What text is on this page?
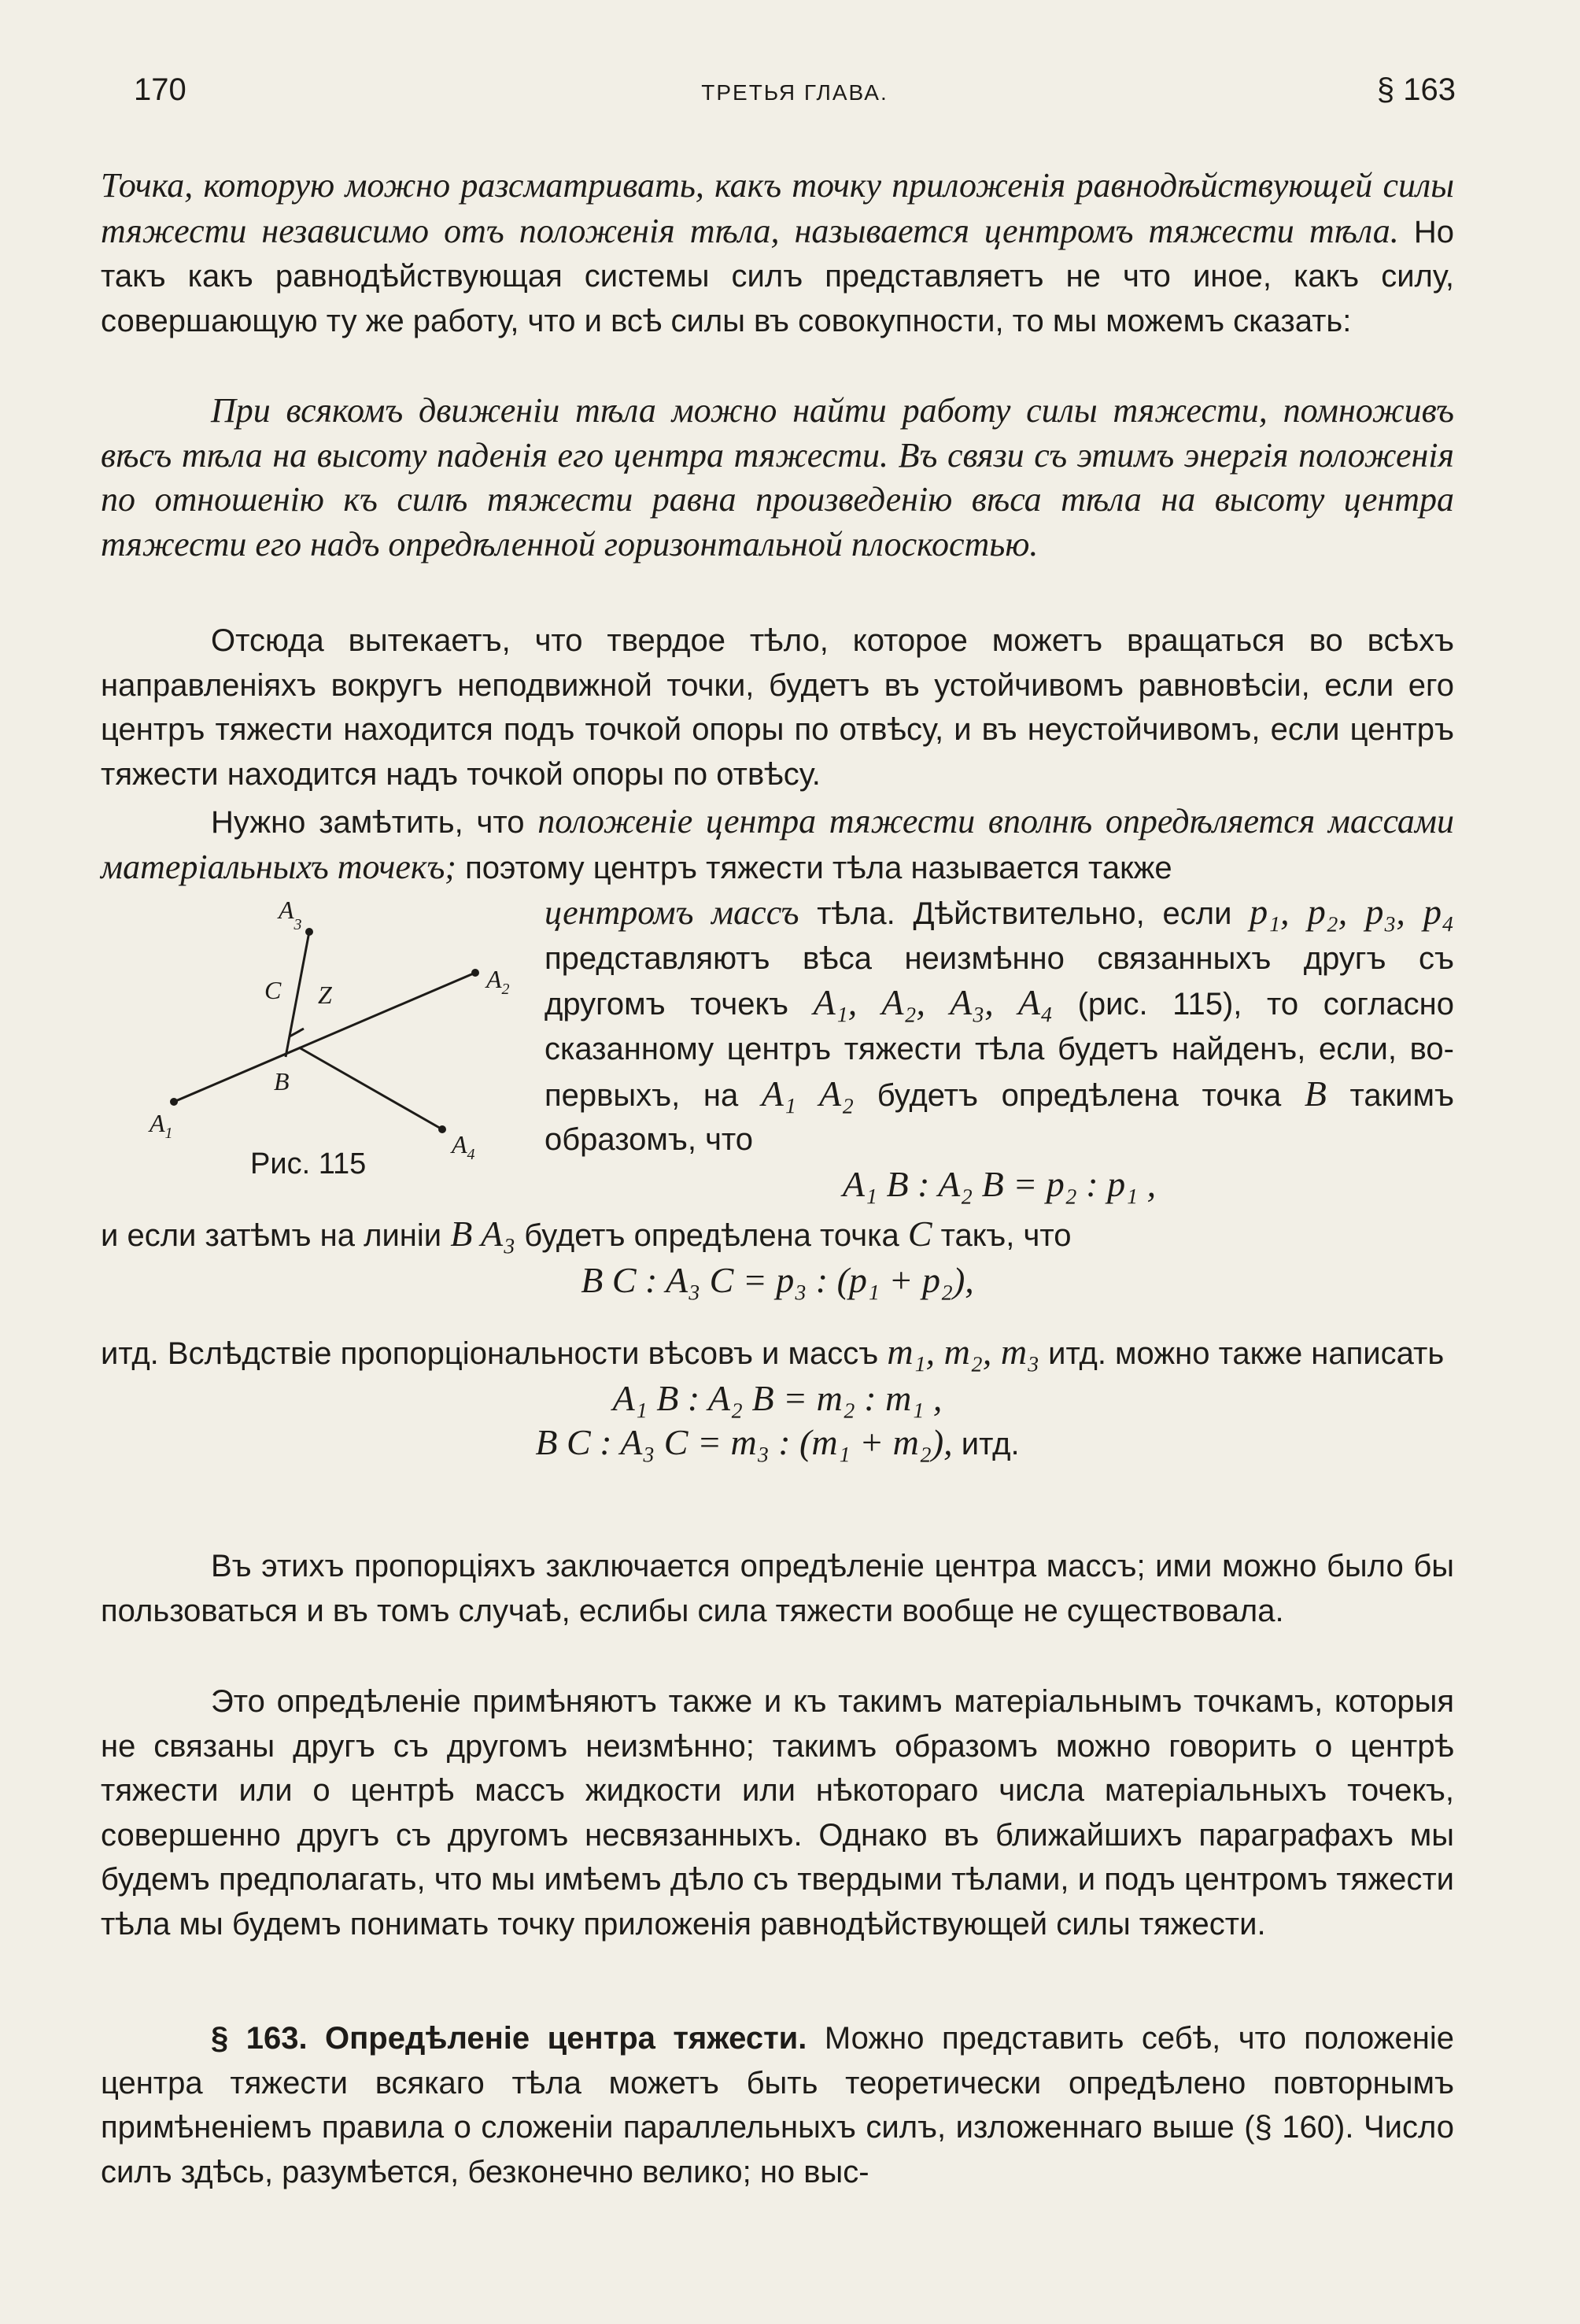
170	ТРЕТЬЯ ГЛАВА.	§ 163

Точка, которую можно разсматривать, какъ точку приложенія равнодѣйствующей силы тяжести независимо отъ положенія тѣла, называется центромъ тяжести тѣла. Но такъ какъ равнодѣйствующая системы силъ представляетъ не что иное, какъ силу, совершающую ту же работу, что и всѣ силы въ совокупности, то мы можемъ сказать:

При всякомъ движеніи тѣла можно найти работу силы тяжести, помноживъ вѣсъ тѣла на высоту паденія его центра тяжести. Въ связи съ этимъ энергія положенія по отношенію къ силѣ тяжести равна произведенію вѣса тѣла на высоту центра тяжести его надъ опредѣленной горизонтальной плоскостью.

Отсюда вытекаетъ, что твердое тѣло, которое можетъ вращаться во всѣхъ направленіяхъ вокругъ неподвижной точки, будетъ въ устойчивомъ равновѣсіи, если его центръ тяжести находится подъ точкой опоры по отвѣсу, и въ неустойчивомъ, если центръ тяжести находится надъ точкой опоры по отвѣсу.

Нужно замѣтить, что положеніе центра тяжести вполнѣ опредѣляется массами матеріальныхъ точекъ; поэтому центръ тяжести тѣла называется также

$A_1$
$A_2$
$A_3$
$A_4$
B
C Z
Рис. 115

центромъ массъ тѣла. Дѣйствительно, если p₁, p₂, p₃, p₄ представляютъ вѣса неизмѣнно связанныхъ другъ съ другомъ точекъ A₁, A₂, A₃, A₄ (рис. 115), то согласно сказанному центръ тяжести тѣла будетъ найденъ, если, во-первыхъ, на A₁ A₂ будетъ опредѣлена точка B такимъ образомъ, что

A₁ B : A₂ B = p₂ : p₁ ,

и если затѣмъ на линіи B A₃ будетъ опредѣлена точка C такъ, что

B C : A₃ C = p₃ : (p₁ + p₂),

итд. Вслѣдствіе пропорціональности вѣсовъ и массъ m₁, m₂, m₃ итд. можно также написать

A₁ B : A₂ B = m₂ : m₁ ,

B C : A₃ C = m₃ : (m₁ + m₂), итд.

Въ этихъ пропорціяхъ заключается опредѣленіе центра массъ; ими можно было бы пользоваться и въ томъ случаѣ, еслибы сила тяжести вообще не существовала.

Это опредѣленіе примѣняютъ также и къ такимъ матеріальнымъ точкамъ, которыя не связаны другъ съ другомъ неизмѣнно; такимъ образомъ можно говорить о центрѣ тяжести или о центрѣ массъ жидкости или нѣкотораго числа матеріальныхъ точекъ, совершенно другъ съ другомъ несвязанныхъ. Однако въ ближайшихъ параграфахъ мы будемъ предполагать, что мы имѣемъ дѣло съ твердыми тѣлами, и подъ центромъ тяжести тѣла мы будемъ понимать точку приложенія равнодѣйствующей силы тяжести.

§ 163. Опредѣленіе центра тяжести. Можно представить себѣ, что положеніе центра тяжести всякаго тѣла можетъ быть теоретически опредѣлено повторнымъ примѣненіемъ правила о сложеніи параллельныхъ силъ, изложеннаго выше (§ 160). Число силъ здѣсь, разумѣется, безконечно велико; но выс-
